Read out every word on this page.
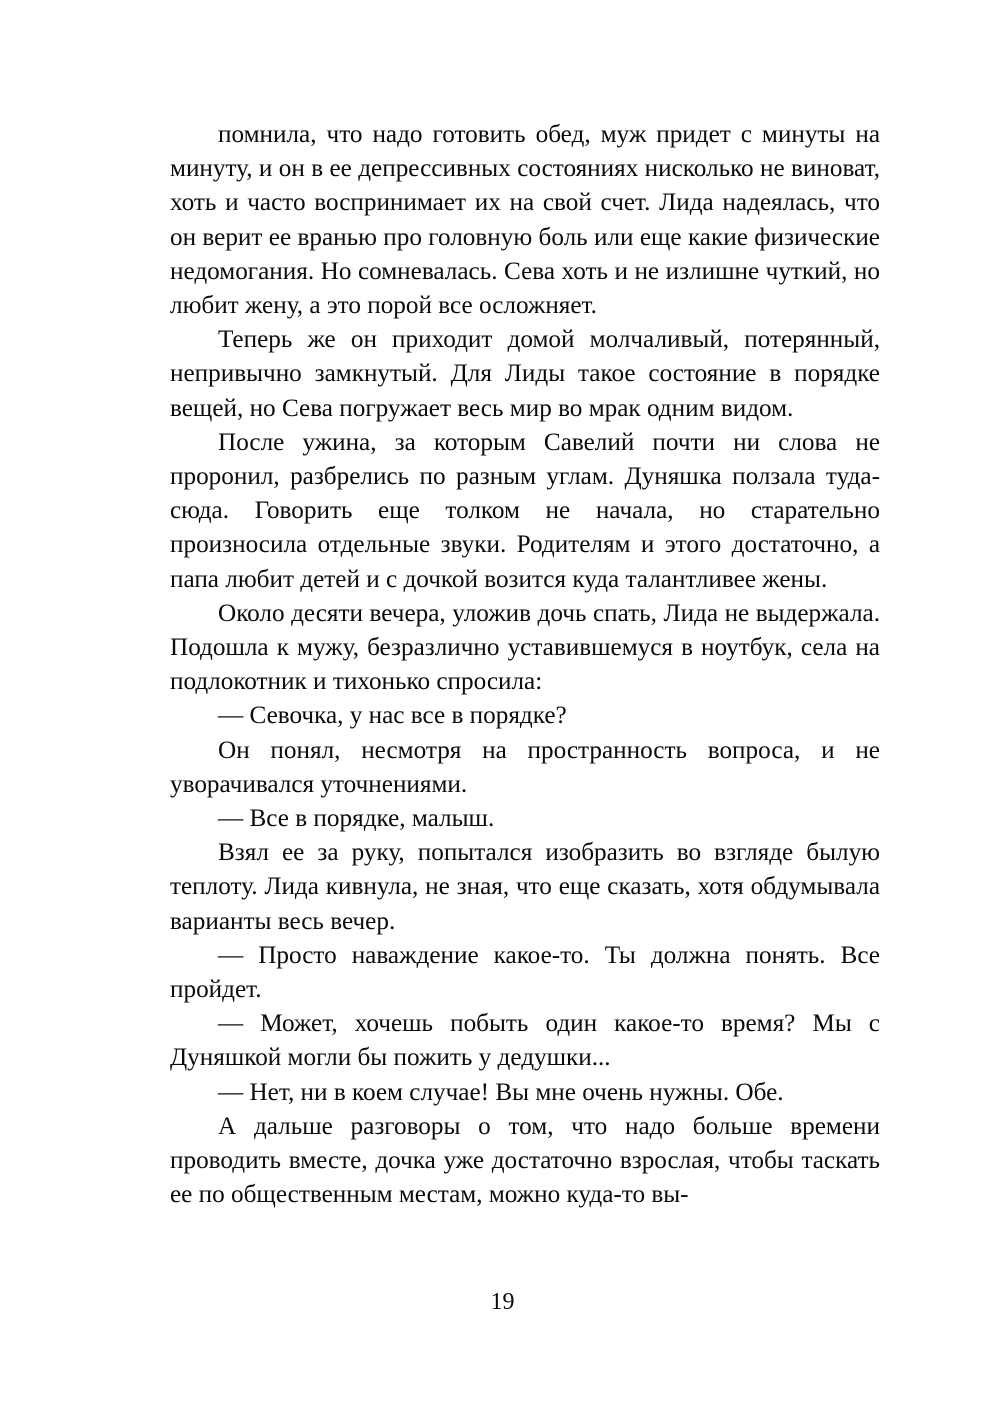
помнила, что надо готовить обед, муж придет с минуты на минуту, и он в ее депрессивных состояниях нисколько не виноват, хоть и часто воспринимает их на свой счет. Лида надеялась, что он верит ее вранью про головную боль или еще какие физические недомогания. Но сомневалась. Сева хоть и не излишне чуткий, но любит жену, а это порой все осложняет.

Теперь же он приходит домой молчаливый, потерянный, непривычно замкнутый. Для Лиды такое состояние в порядке вещей, но Сева погружает весь мир во мрак одним видом.

После ужина, за которым Савелий почти ни слова не проронил, разбрелись по разным углам. Дуняшка ползала туда-сюда. Говорить еще толком не начала, но старательно произносила отдельные звуки. Родителям и этого достаточно, а папа любит детей и с дочкой возится куда талантливее жены.

Около десяти вечера, уложив дочь спать, Лида не выдержала. Подошла к мужу, безразлично уставившемуся в ноутбук, села на подлокотник и тихонько спросила:

— Севочка, у нас все в порядке?

Он понял, несмотря на пространность вопроса, и не уворачивался уточнениями.

— Все в порядке, малыш.

Взял ее за руку, попытался изобразить во взгляде былую теплоту. Лида кивнула, не зная, что еще сказать, хотя обдумывала варианты весь вечер.

— Просто наваждение какое-то. Ты должна понять. Все пройдет.

— Может, хочешь побыть один какое-то время? Мы с Дуняшкой могли бы пожить у дедушки...

— Нет, ни в коем случае! Вы мне очень нужны. Обе.

А дальше разговоры о том, что надо больше времени проводить вместе, дочка уже достаточно взрослая, чтобы таскать ее по общественным местам, можно куда-то вы-

19
